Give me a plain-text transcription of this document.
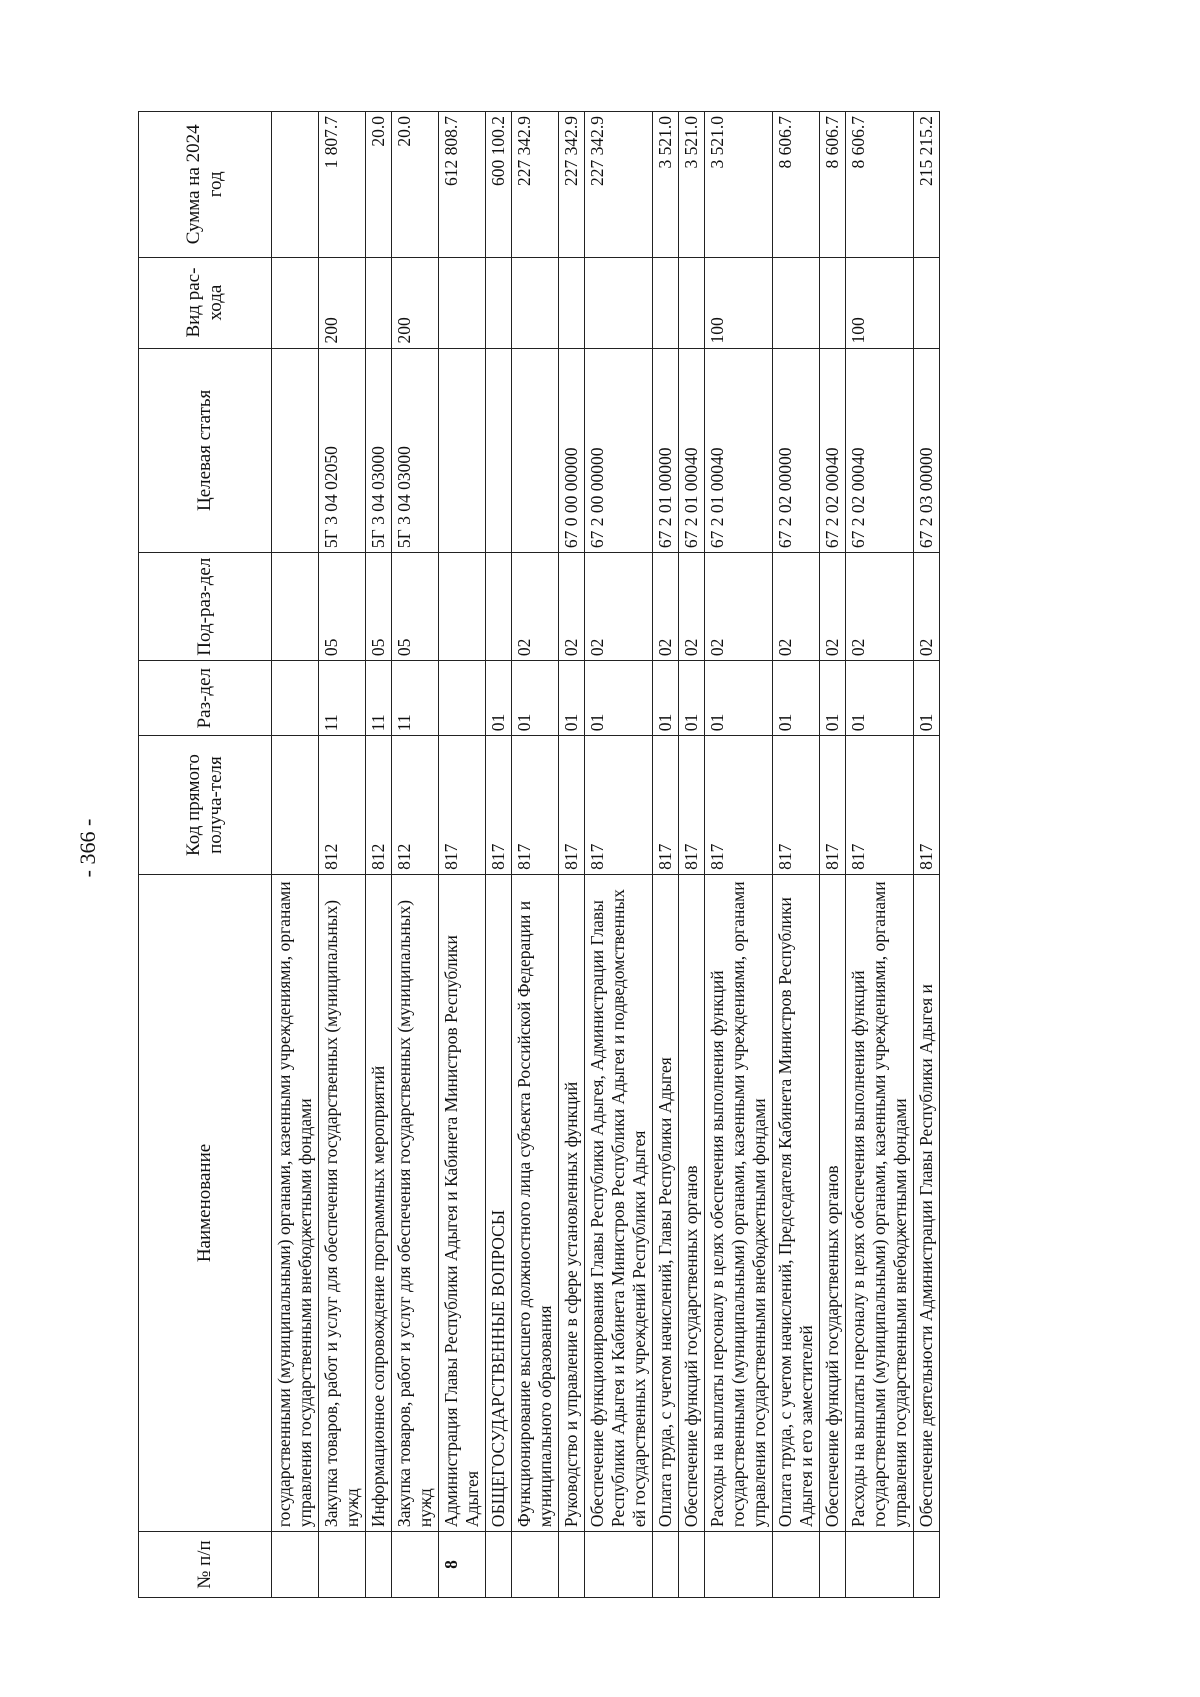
- 366 -
№ п/п	Наименование	Код прямого получа-теля	Раз-дел	Под-раз-дел	Целевая статья	Вид рас-хода	Сумма на 2024 год
	государственными (муниципальными) органами, казенными учреждениями, органами управления государственными внебюджетными фондами						
	Закупка товаров, работ и услуг для обеспечения государственных (муниципальных) нужд	812	11	05	5Г 3 04 02050	200	1 807.7
	Информационное сопровождение программных мероприятий	812	11	05	5Г 3 04 03000		20.0
	Закупка товаров, работ и услуг для обеспечения государственных (муниципальных) нужд	812	11	05	5Г 3 04 03000	200	20.0
8	Администрация Главы Республики Адыгея и Кабинета Министров Республики Адыгея	817					612 808.7
	ОБЩЕГОСУДАРСТВЕННЫЕ ВОПРОСЫ	817	01				600 100.2
	Функционирование высшего должностного лица субъекта Российской Федерации и муниципального образования	817	01	02			227 342.9
	Руководство и управление в сфере установленных функций	817	01	02	67 0 00 00000		227 342.9
	Обеспечение функционирования Главы Республики Адыгея, Администрации Главы Республики Адыгея и Кабинета Министров Республики Адыгея и подведомственных ей государственных учреждений Республики Адыгея	817	01	02	67 2 00 00000		227 342.9
	Оплата труда, с учетом начислений, Главы Республики Адыгея	817	01	02	67 2 01 00000		3 521.0
	Обеспечение функций государственных органов	817	01	02	67 2 01 00040		3 521.0
	Расходы на выплаты персоналу в целях обеспечения выполнения функций государственными (муниципальными) органами, казенными учреждениями, органами управления государственными внебюджетными фондами	817	01	02	67 2 01 00040	100	3 521.0
	Оплата труда, с учетом начислений, Председателя Кабинета Министров Республики Адыгея и его заместителей	817	01	02	67 2 02 00000		8 606.7
	Обеспечение функций государственных органов	817	01	02	67 2 02 00040		8 606.7
	Расходы на выплаты персоналу в целях обеспечения выполнения функций государственными (муниципальными) органами, казенными учреждениями, органами управления государственными внебюджетными фондами	817	01	02	67 2 02 00040	100	8 606.7
	Обеспечение деятельности Администрации Главы Республики Адыгея и	817	01	02	67 2 03 00000		215 215.2
